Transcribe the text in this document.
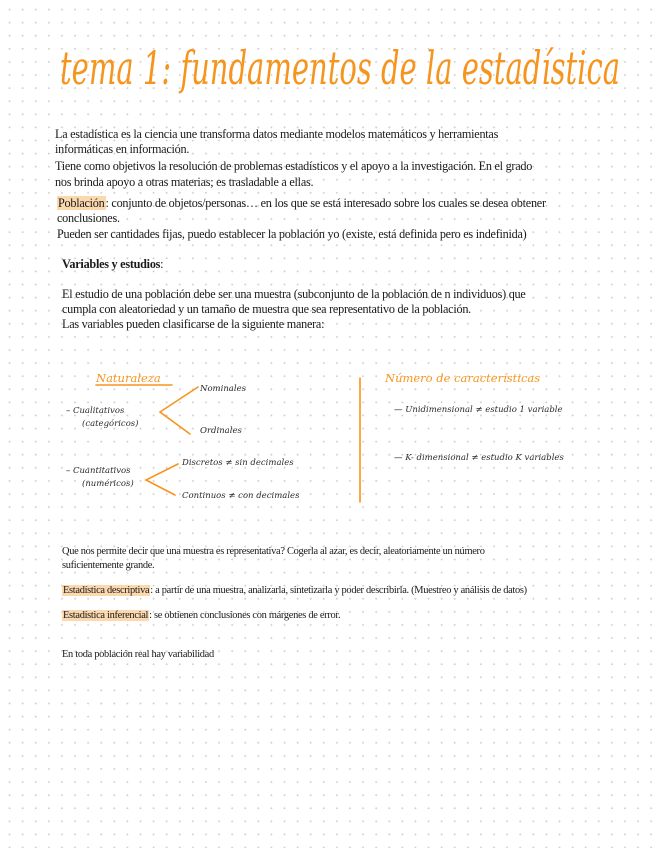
tema 1: fundamentos de la estadística
La estadística es la ciencia une transforma datos mediante modelos matemáticos y herramientas
informáticas en información.
Tiene como objetivos la resolución de problemas estadísticos y el apoyo a la investigación. En el grado
nos brinda apoyo a otras materias; es trasladable a ellas.
Población: conjunto de objetos/personas… en los que se está interesado sobre los cuales se desea obtener
conclusiones.
Pueden ser cantidades fijas, puedo establecer la población yo (existe, está definida pero es indefinida)
Variables y estudios:
El estudio de una población debe ser una muestra (subconjunto de la población de n individuos) que
cumpla con aleatoriedad y un tamaño de muestra que sea representativo de la población.
Las variables pueden clasificarse de la siguiente manera:
Naturaleza
– Cualitativos
(categóricos)
Nominales
Ordinales
– Cuantitativos
(numéricos)
Discretos ≠ sin decimales
Continuos ≠ con decimales
Número de características
— Unidimensional ≠ estudio 1 variable
— K- dimensional ≠ estudio K variables
Que nos permite decir que una muestra es representativa? Cogerla al azar, es decir, aleatoriamente un número
suficientemente grande.
Estadística descriptiva: a partir de una muestra, analizarla, sintetizarla y poder describirla. (Muestreo y análisis de datos)
Estadística inferencial: se obtienen conclusiones con márgenes de error.
En toda población real hay variabilidad
